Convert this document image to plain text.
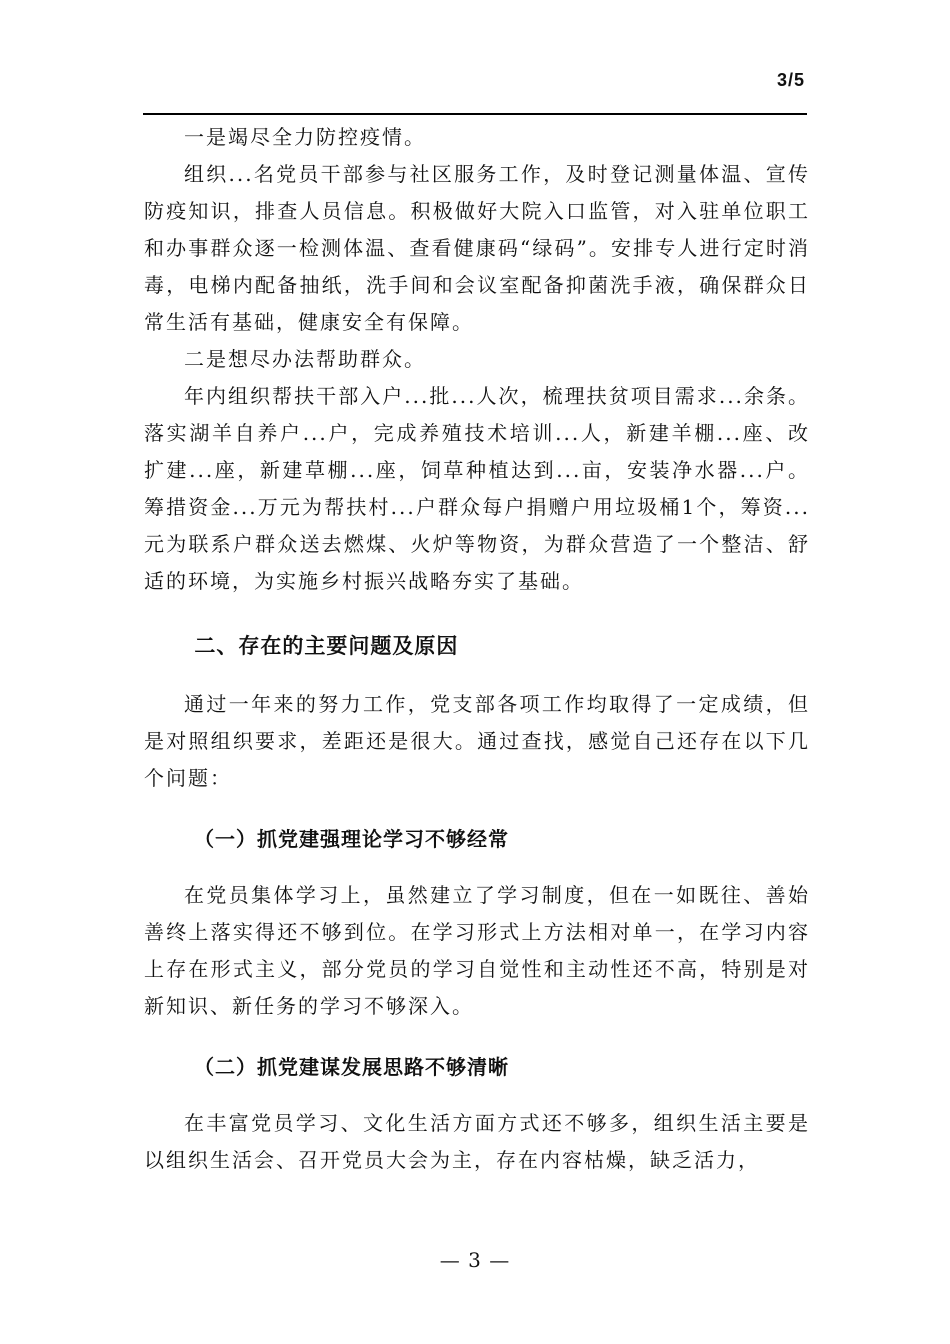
3/5

一是竭尽全力防控疫情。

组织...名党员干部参与社区服务工作，及时登记测量体温、宣传防疫知识，排查人员信息。积极做好大院入口监管，对入驻单位职工和办事群众逐一检测体温、查看健康码“绿码”。安排专人进行定时消毒，电梯内配备抽纸，洗手间和会议室配备抑菌洗手液，确保群众日常生活有基础，健康安全有保障。

二是想尽办法帮助群众。

年内组织帮扶干部入户...批...人次，梳理扶贫项目需求...余条。落实湖羊自养户...户，完成养殖技术培训...人，新建羊棚...座、改扩建...座，新建草棚...座，饲草种植达到...亩，安装净水器...户。筹措资金...万元为帮扶村...户群众每户捐赠户用垃圾桶1个，筹资...元为联系户群众送去燃煤、火炉等物资，为群众营造了一个整洁、舒适的环境，为实施乡村振兴战略夯实了基础。

二、存在的主要问题及原因

通过一年来的努力工作，党支部各项工作均取得了一定成绩，但是对照组织要求，差距还是很大。通过查找，感觉自己还存在以下几个问题：

（一）抓党建强理论学习不够经常

在党员集体学习上，虽然建立了学习制度，但在一如既往、善始善终上落实得还不够到位。在学习形式上方法相对单一，在学习内容上存在形式主义，部分党员的学习自觉性和主动性还不高，特别是对新知识、新任务的学习不够深入。

（二）抓党建谋发展思路不够清晰

在丰富党员学习、文化生活方面方式还不够多，组织生活主要是以组织生活会、召开党员大会为主，存在内容枯燥，缺乏活力，

— 3 —
